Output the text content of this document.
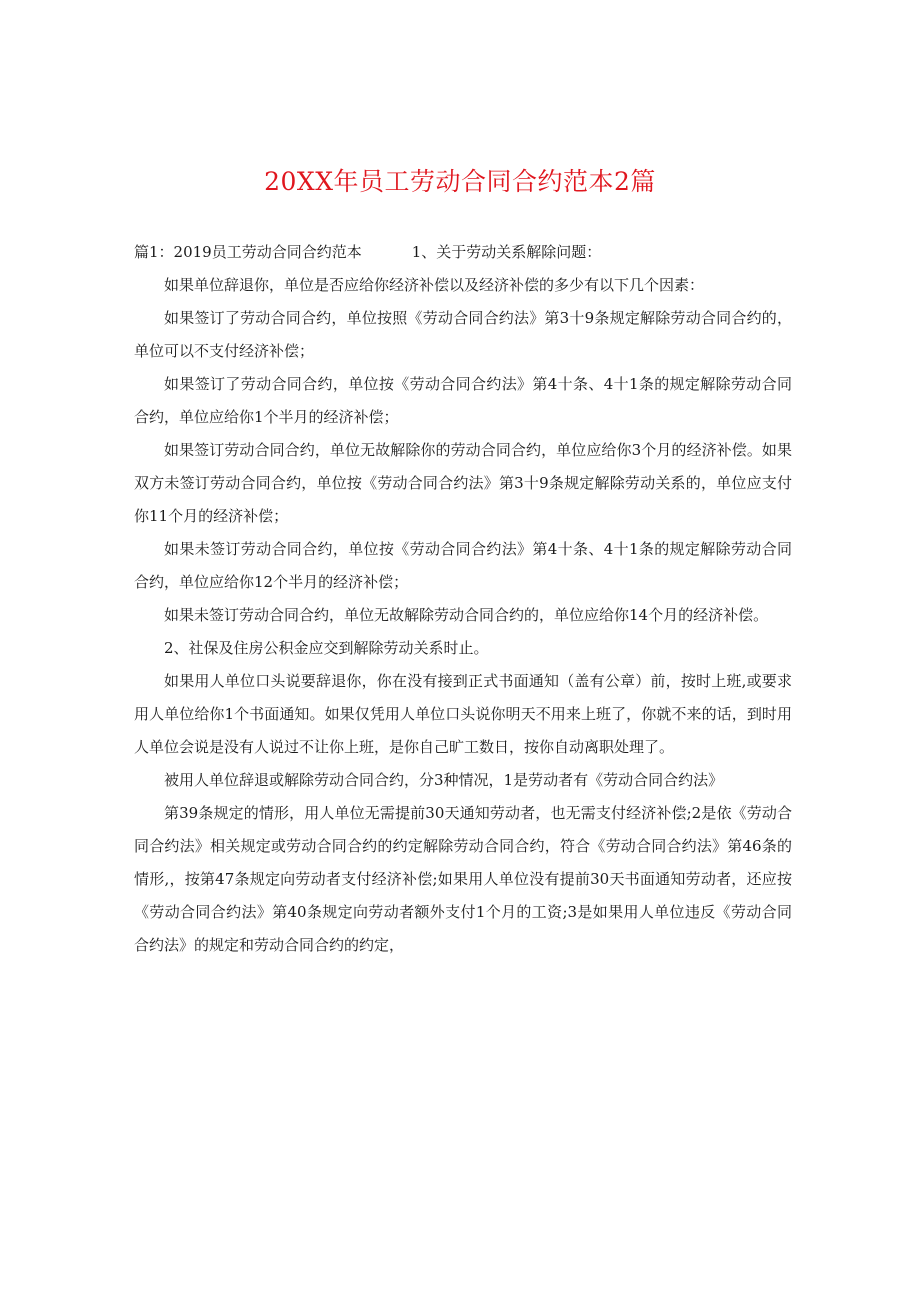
20XX年员工劳动合同合约范本2篇

篇1：2019员工劳动合同合约范本	1、关于劳动关系解除问题：

如果单位辞退你，单位是否应给你经济补偿以及经济补偿的多少有以下几个因素：

如果签订了劳动合同合约，单位按照《劳动合同合约法》第3十9条规定解除劳动合同合约的，单位可以不支付经济补偿；

如果签订了劳动合同合约，单位按《劳动合同合约法》第4十条、4十1条的规定解除劳动合同合约，单位应给你1个半月的经济补偿；

如果签订劳动合同合约，单位无故解除你的劳动合同合约，单位应给你3个月的经济补偿。如果双方未签订劳动合同合约，单位按《劳动合同合约法》第3十9条规定解除劳动关系的，单位应支付你11个月的经济补偿；

如果未签订劳动合同合约，单位按《劳动合同合约法》第4十条、4十1条的规定解除劳动合同合约，单位应给你12个半月的经济补偿；

如果未签订劳动合同合约，单位无故解除劳动合同合约的，单位应给你14个月的经济补偿。

2、社保及住房公积金应交到解除劳动关系时止。

如果用人单位口头说要辞退你，你在没有接到正式书面通知（盖有公章）前，按时上班,或要求用人单位给你1个书面通知。如果仅凭用人单位口头说你明天不用来上班了，你就不来的话，到时用人单位会说是没有人说过不让你上班，是你自己旷工数日，按你自动离职处理了。

被用人单位辞退或解除劳动合同合约，分3种情况，1是劳动者有《劳动合同合约法》

第39条规定的情形，用人单位无需提前30天通知劳动者，也无需支付经济补偿;2是依《劳动合同合约法》相关规定或劳动合同合约的约定解除劳动合同合约，符合《劳动合同合约法》第46条的情形,，按第47条规定向劳动者支付经济补偿;如果用人单位没有提前30天书面通知劳动者，还应按《劳动合同合约法》第40条规定向劳动者额外支付1个月的工资;3是如果用人单位违反《劳动合同合约法》的规定和劳动合同合约的约定，
